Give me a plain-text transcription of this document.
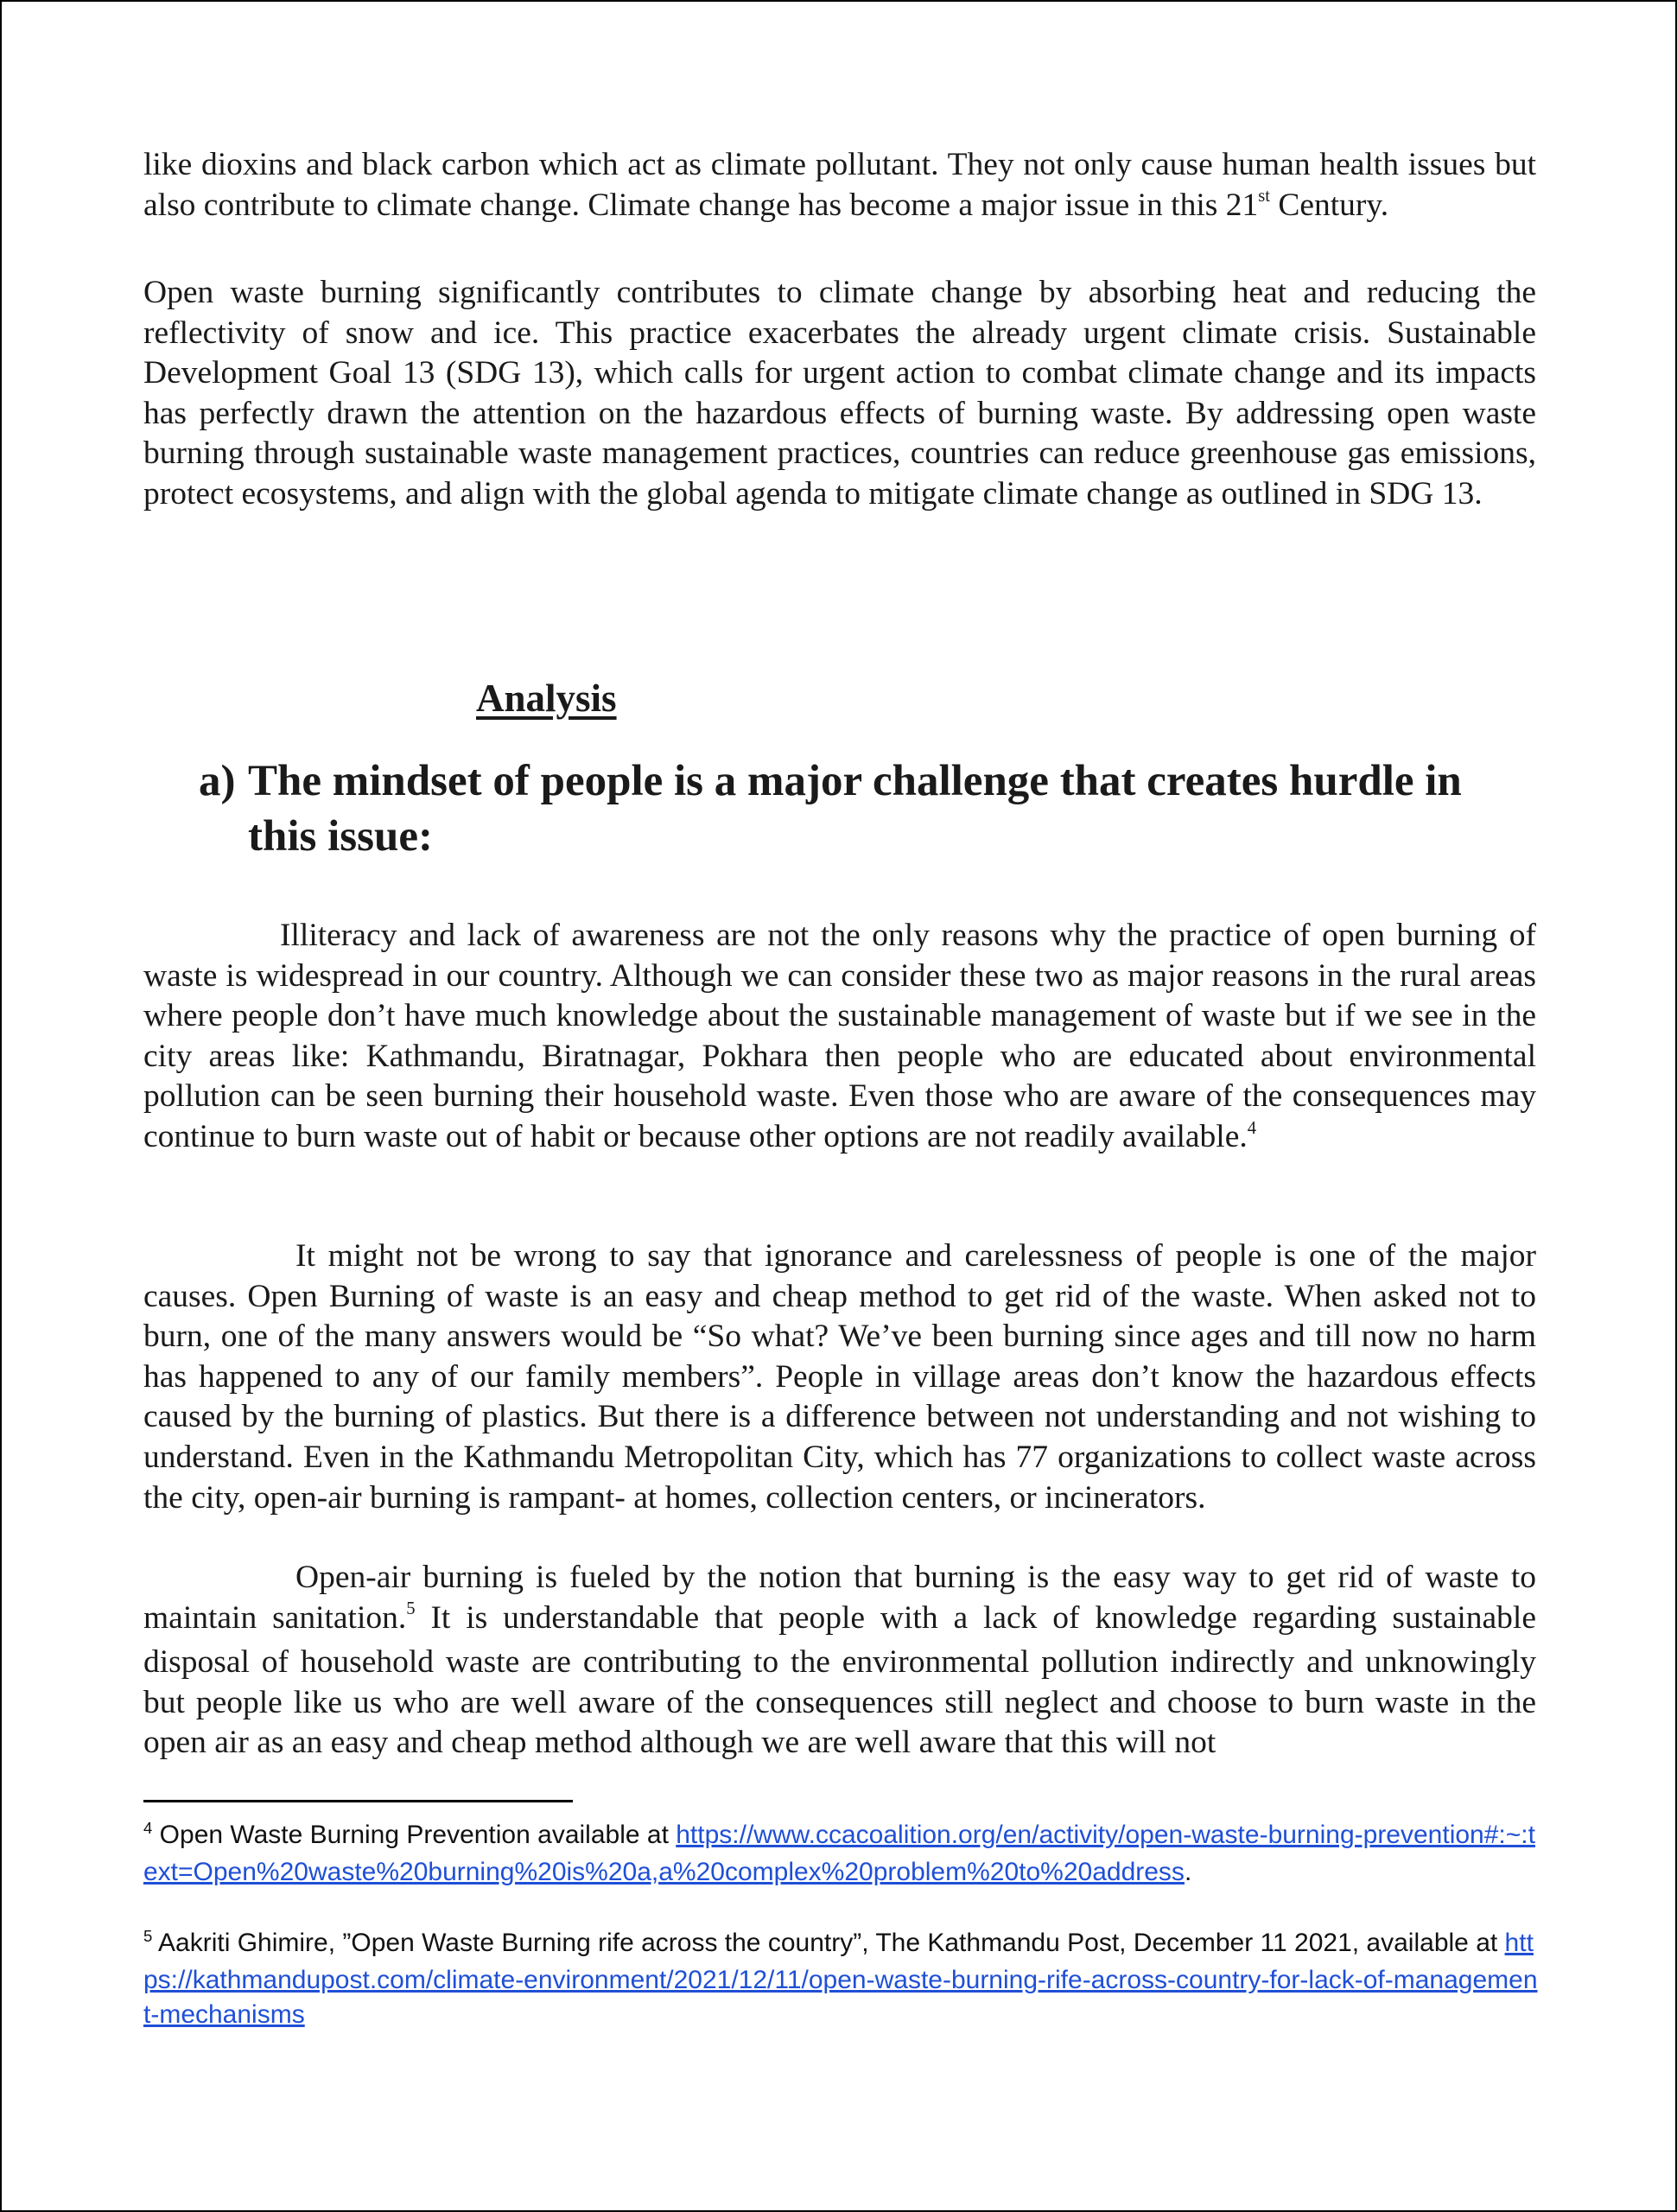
like dioxins and black carbon which act as climate pollutant. They not only cause human health issues but also contribute to climate change. Climate change has become a major issue in this 21st Century.

Open waste burning significantly contributes to climate change by absorbing heat and reducing the reflectivity of snow and ice. This practice exacerbates the already urgent climate crisis. Sustainable Development Goal 13 (SDG 13), which calls for urgent action to combat climate change and its impacts has perfectly drawn the attention on the hazardous effects of burning waste. By addressing open waste burning through sustainable waste management practices, countries can reduce greenhouse gas emissions, protect ecosystems, and align with the global agenda to mitigate climate change as outlined in SDG 13.

Analysis
a) The mindset of people is a major challenge that creates hurdle in this issue:

Illiteracy and lack of awareness are not the only reasons why the practice of open burning of waste is widespread in our country. Although we can consider these two as major reasons in the rural areas where people don’t have much knowledge about the sustainable management of waste but if we see in the city areas like: Kathmandu, Biratnagar, Pokhara then people who are educated about environmental pollution can be seen burning their household waste. Even those who are aware of the consequences may continue to burn waste out of habit or because other options are not readily available.$^4$

It might not be wrong to say that ignorance and carelessness of people is one of the major causes. Open Burning of waste is an easy and cheap method to get rid of the waste. When asked not to burn, one of the many answers would be “So what? We’ve been burning since ages and till now no harm has happened to any of our family members”. People in village areas don’t know the hazardous effects caused by the burning of plastics. But there is a difference between not understanding and not wishing to understand. Even in the Kathmandu Metropolitan City, which has 77 organizations to collect waste across the city, open-air burning is rampant- at homes, collection centers, or incinerators.

Open-air burning is fueled by the notion that burning is the easy way to get rid of waste to maintain sanitation.$^5$ It is understandable that people with a lack of knowledge regarding sustainable disposal of household waste are contributing to the environmental pollution indirectly and unknowingly but people like us who are well aware of the consequences still neglect and choose to burn waste in the open air as an easy and cheap method although we are well aware that this will not

$^4$ Open Waste Burning Prevention available at https://www.ccacoalition.org/en/activity/open-waste-burning-prevention#:~:text=Open%20waste%20burning%20is%20a,a%20complex%20problem%20to%20address.

$^5$ Aakriti Ghimire, ”Open Waste Burning rife across the country”, The Kathmandu Post, December 11 2021, available at https://kathmandupost.com/climate-environment/2021/12/11/open-waste-burning-rife-across-country-for-lack-of-management-mechanisms
